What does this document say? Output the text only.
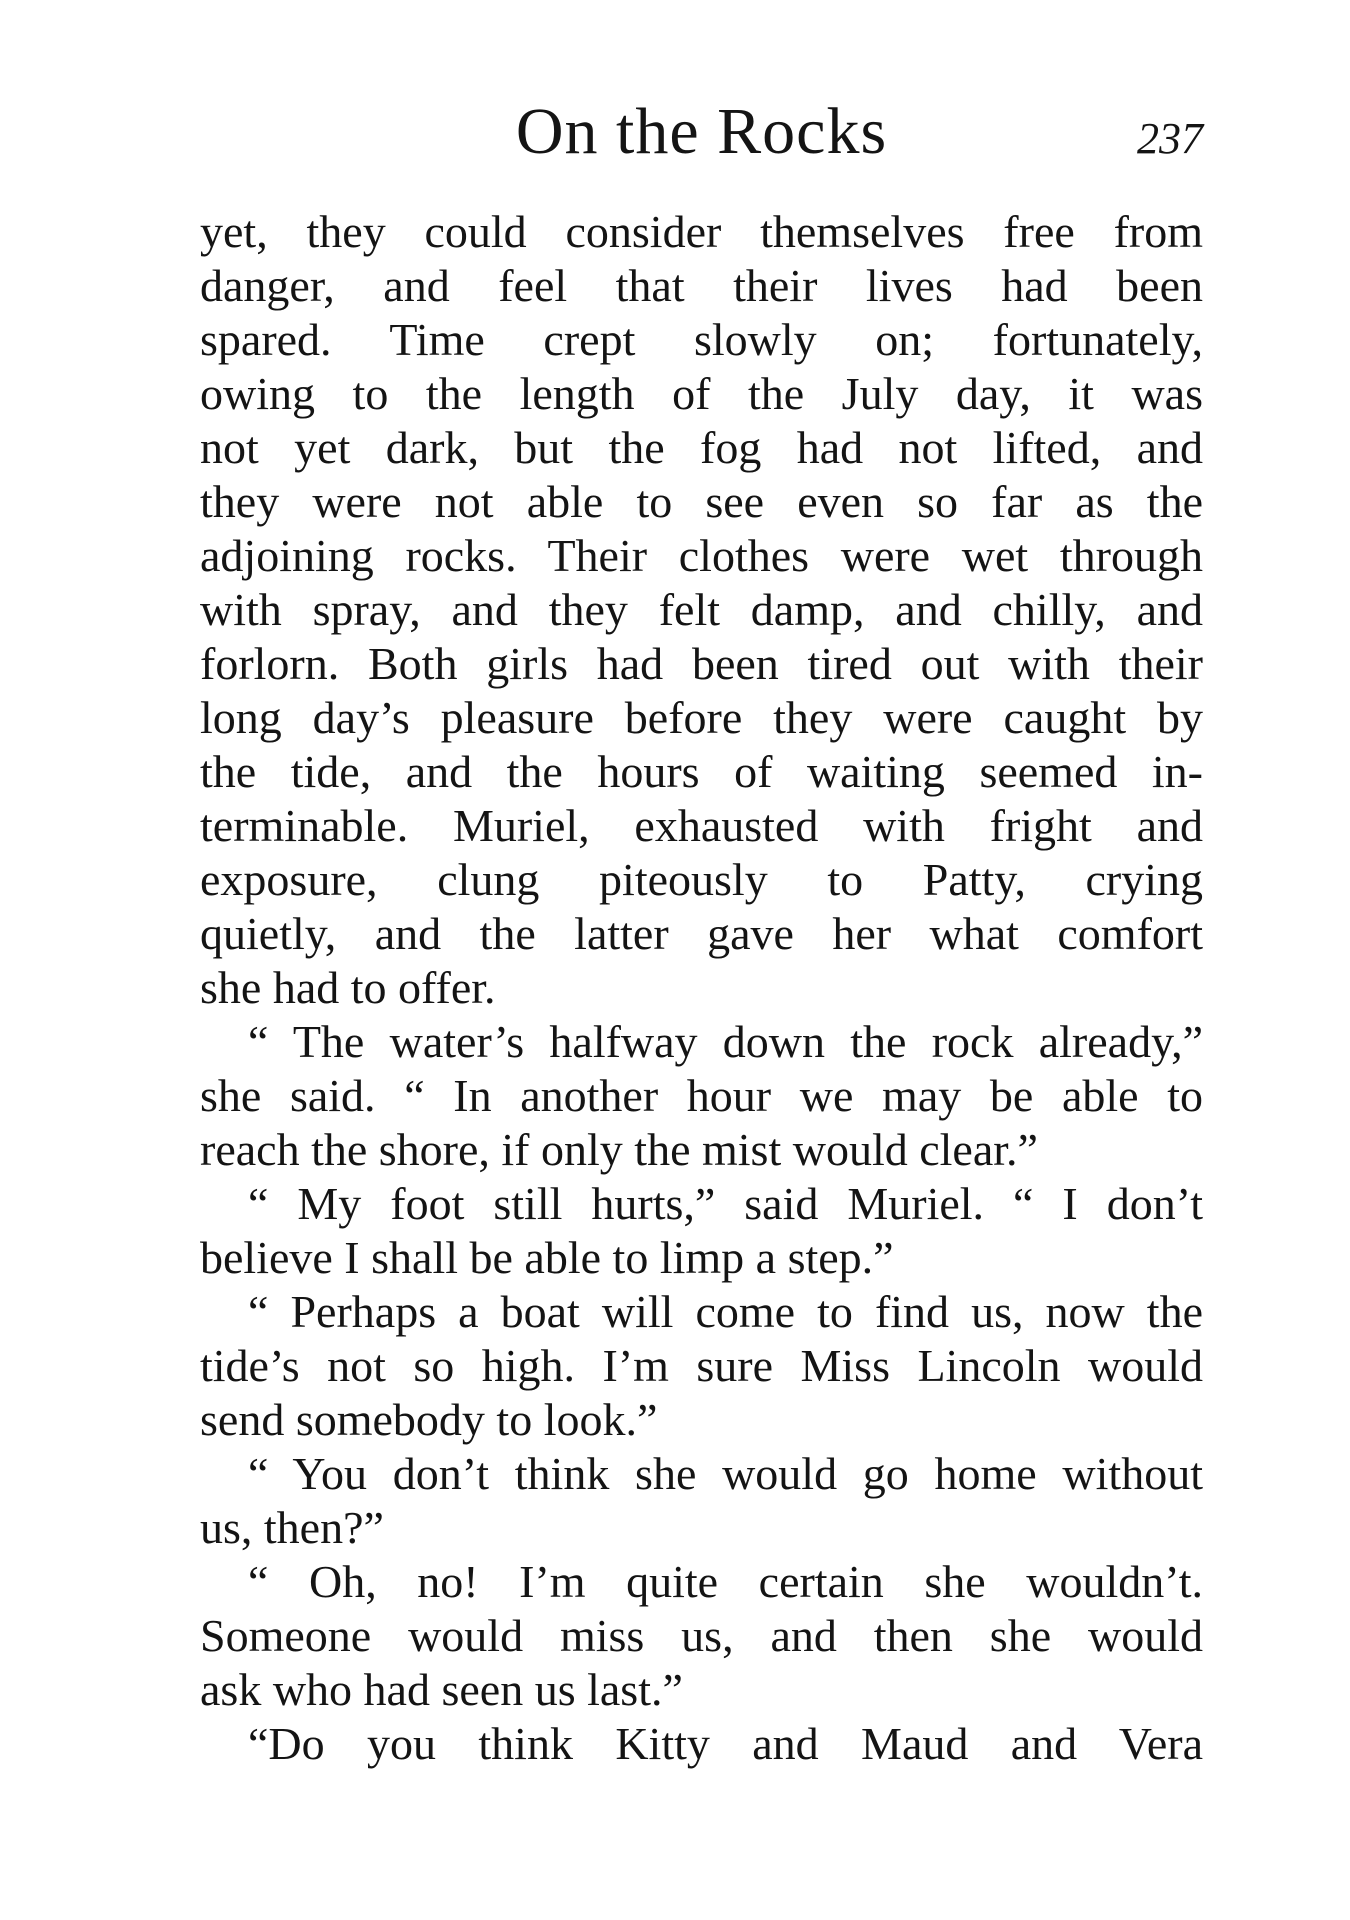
On the Rocks	237
yet, they could consider themselves free from
danger, and feel that their lives had been
spared. Time crept slowly on; fortunately,
owing to the length of the July day, it was
not yet dark, but the fog had not lifted, and
they were not able to see even so far as the
adjoining rocks. Their clothes were wet through
with spray, and they felt damp, and chilly, and
forlorn. Both girls had been tired out with their
long day’s pleasure before they were caught by
the tide, and the hours of waiting seemed in-
terminable. Muriel, exhausted with fright and
exposure, clung piteously to Patty, crying
quietly, and the latter gave her what comfort
she had to offer.
“ The water’s halfway down the rock already,”
she said. “ In another hour we may be able to
reach the shore, if only the mist would clear.”
“ My foot still hurts,” said Muriel. “ I don’t
believe I shall be able to limp a step.”
“ Perhaps a boat will come to find us, now the
tide’s not so high. I’m sure Miss Lincoln would
send somebody to look.”
“ You don’t think she would go home without
us, then?”
“ Oh, no! I’m quite certain she wouldn’t.
Someone would miss us, and then she would
ask who had seen us last.”
“Do you think Kitty and Maud and Vera
